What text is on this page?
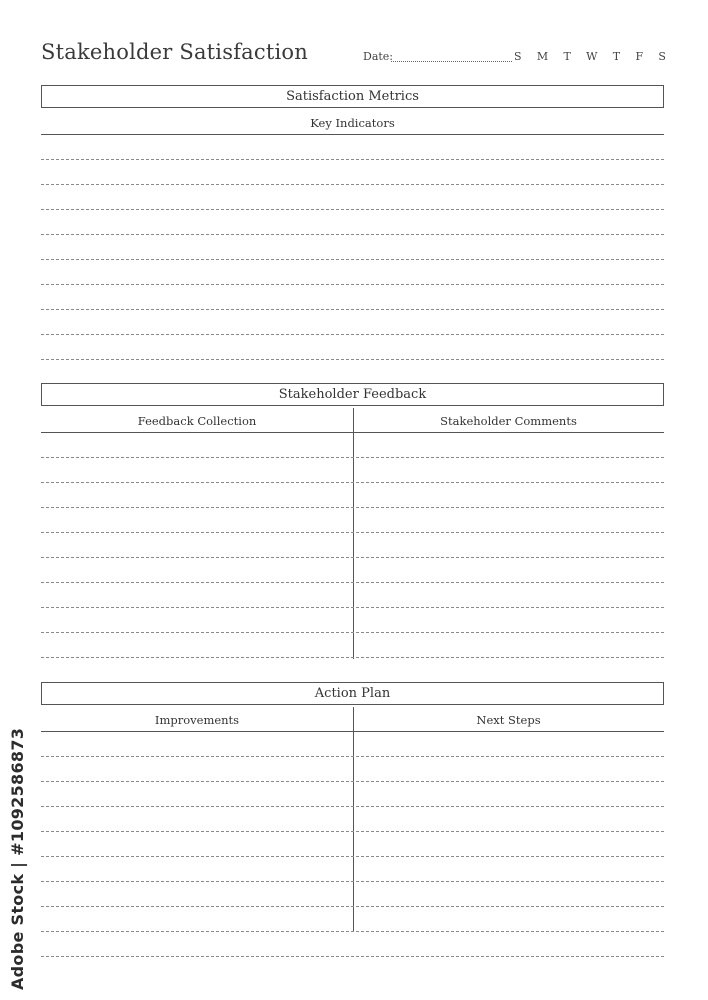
Stakeholder Satisfaction	Date:	S M T W T F S
Satisfaction Metrics
Key Indicators
Stakeholder Feedback
Feedback Collection	Stakeholder Comments
Action Plan
Improvements	Next Steps
Adobe Stock | #1092586873
